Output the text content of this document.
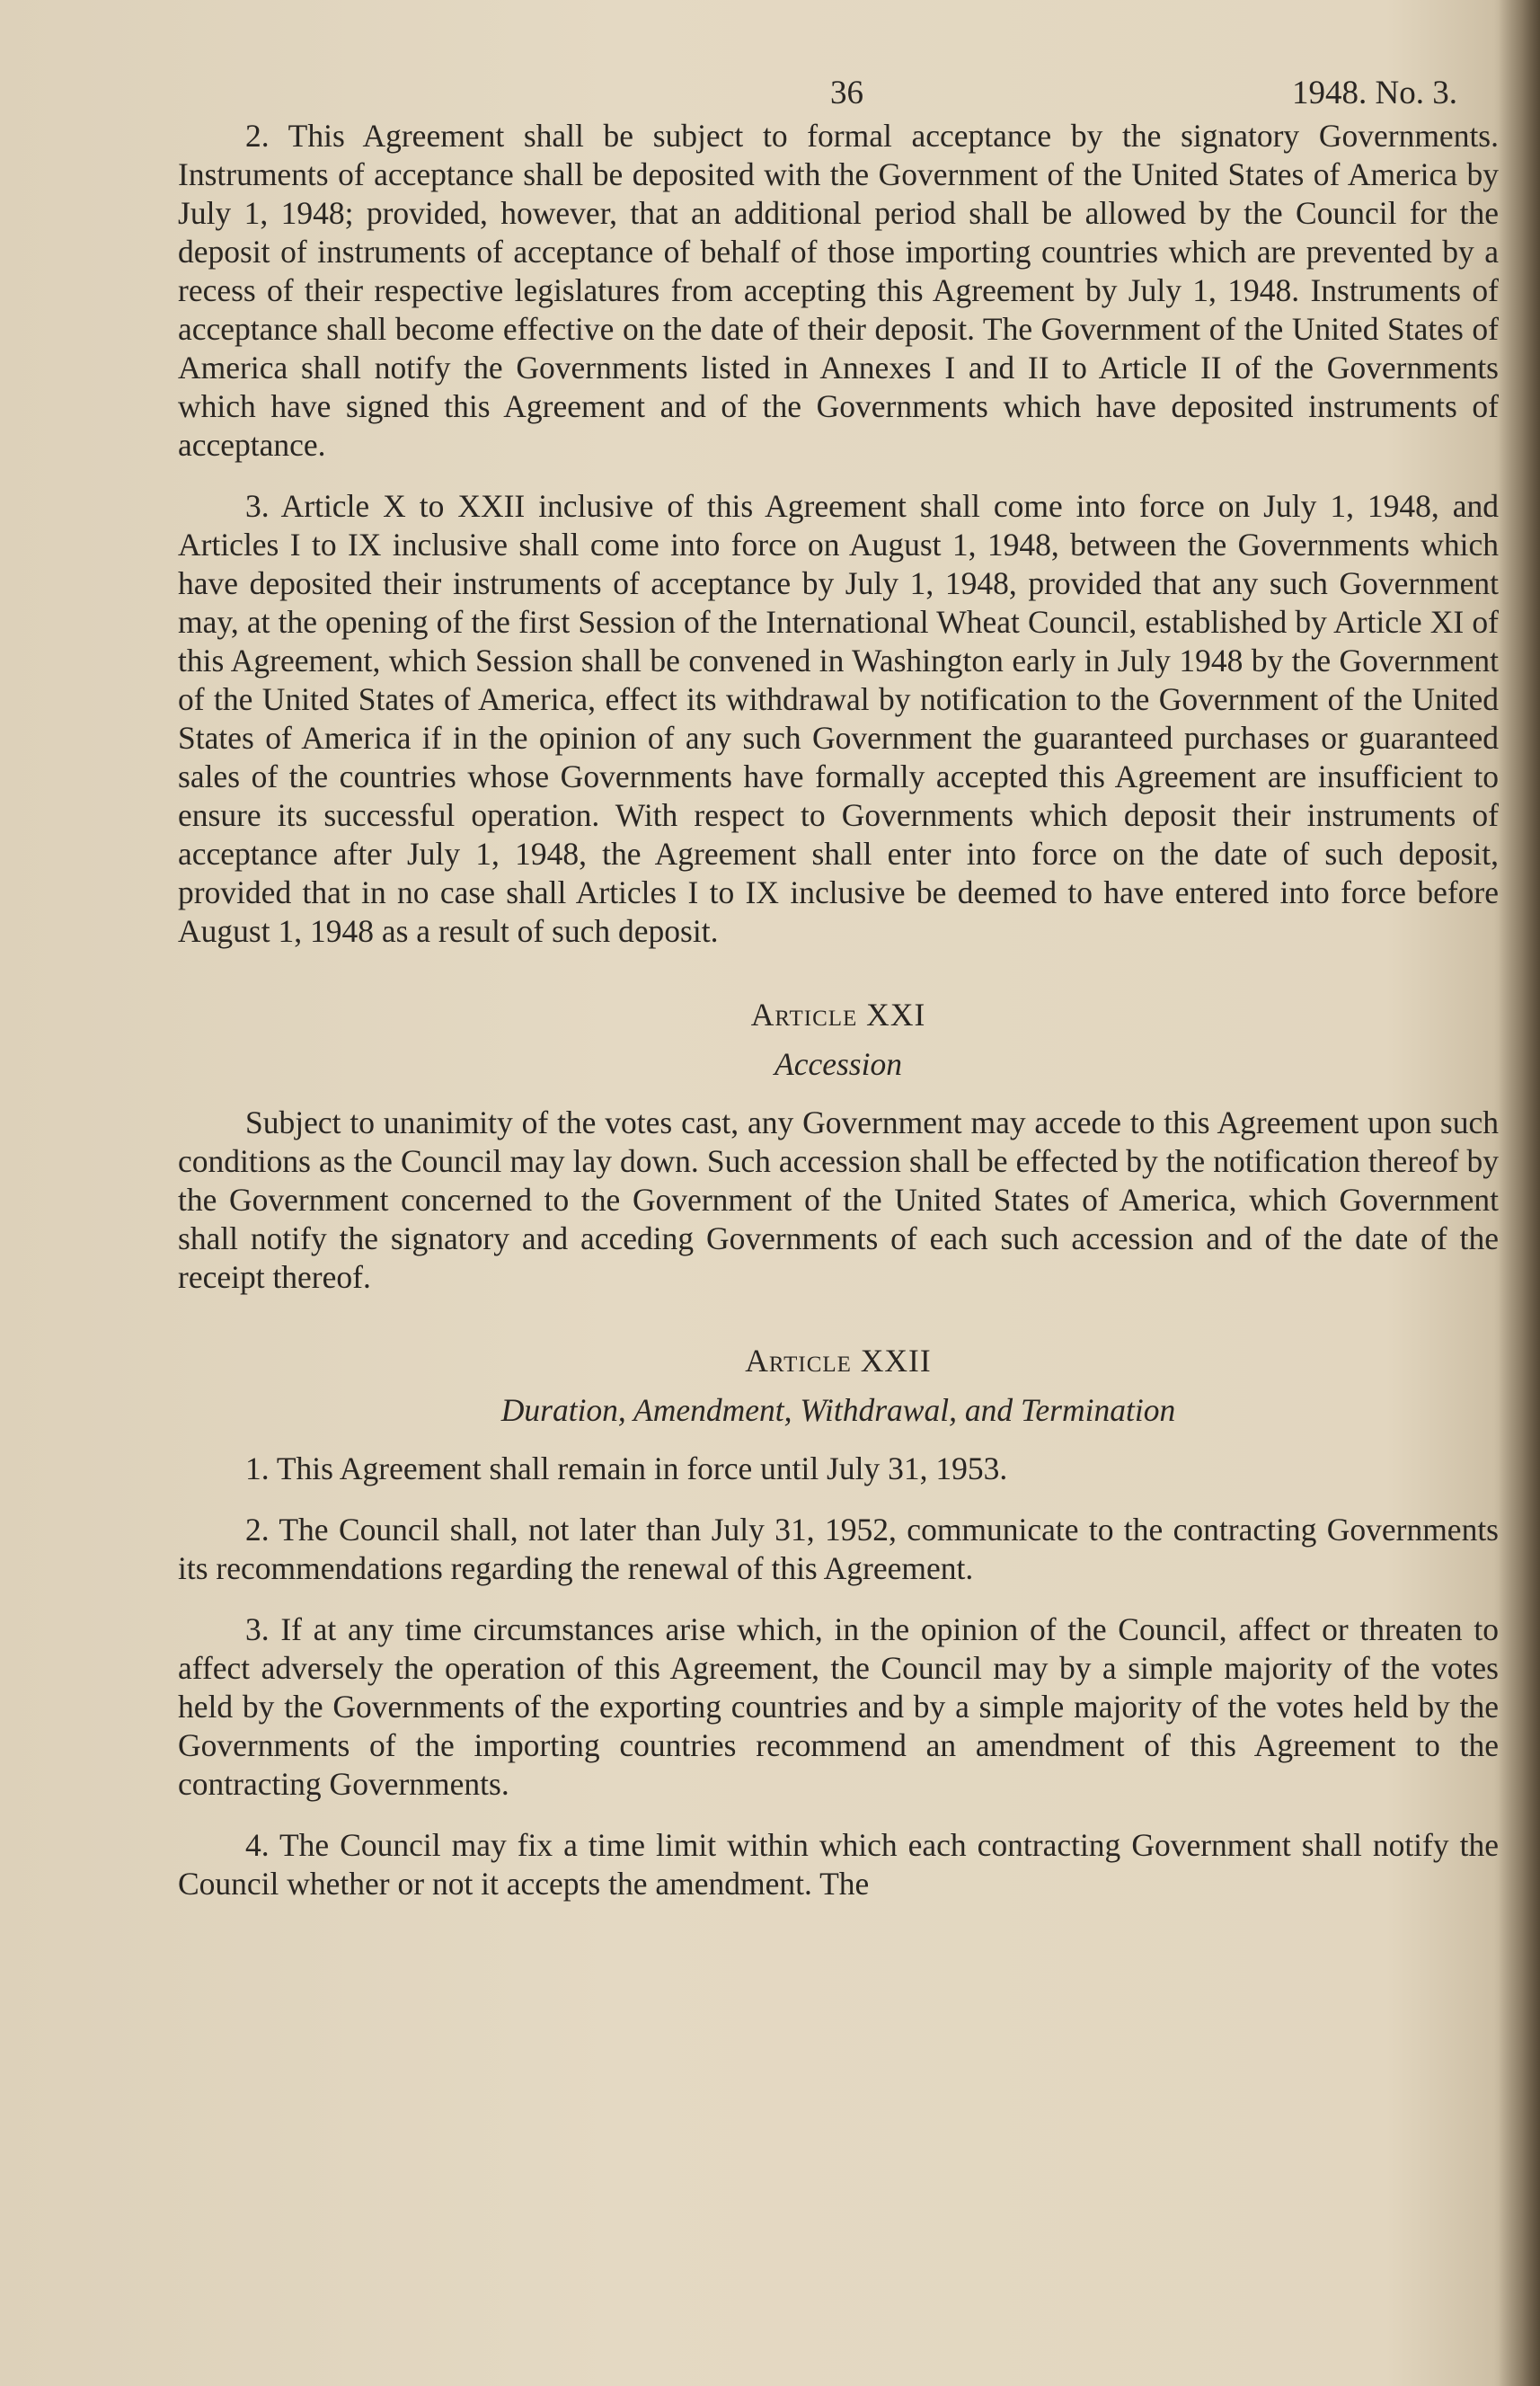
36	1948. No. 3.

2. This Agreement shall be subject to formal acceptance by the signatory Governments. Instruments of acceptance shall be deposited with the Government of the United States of America by July 1, 1948; provided, however, that an additional period shall be allowed by the Council for the deposit of instruments of acceptance of behalf of those importing countries which are prevented by a recess of their respective legislatures from accepting this Agreement by July 1, 1948. Instruments of acceptance shall become effective on the date of their deposit. The Government of the United States of America shall notify the Governments listed in Annexes I and II to Article II of the Governments which have signed this Agreement and of the Governments which have deposited instruments of acceptance.

3. Article X to XXII inclusive of this Agreement shall come into force on July 1, 1948, and Articles I to IX inclusive shall come into force on August 1, 1948, between the Governments which have deposited their instruments of acceptance by July 1, 1948, provided that any such Government may, at the opening of the first Session of the International Wheat Council, established by Article XI of this Agreement, which Session shall be convened in Washington early in July 1948 by the Government of the United States of America, effect its withdrawal by notification to the Government of the United States of America if in the opinion of any such Government the guaranteed purchases or guaranteed sales of the countries whose Governments have formally accepted this Agreement are insufficient to ensure its successful operation. With respect to Governments which deposit their instruments of acceptance after July 1, 1948, the Agreement shall enter into force on the date of such deposit, provided that in no case shall Articles I to IX inclusive be deemed to have entered into force before August 1, 1948 as a result of such deposit.

Article XXI
Accession

Subject to unanimity of the votes cast, any Government may accede to this Agreement upon such conditions as the Council may lay down. Such accession shall be effected by the notification thereof by the Government concerned to the Government of the United States of America, which Government shall notify the signatory and acceding Governments of each such accession and of the date of the receipt thereof.

Article XXII
Duration, Amendment, Withdrawal, and Termination

1. This Agreement shall remain in force until July 31, 1953.

2. The Council shall, not later than July 31, 1952, communicate to the contracting Governments its recommendations regarding the renewal of this Agreement.

3. If at any time circumstances arise which, in the opinion of the Council, affect or threaten to affect adversely the operation of this Agreement, the Council may by a simple majority of the votes held by the Governments of the exporting countries and by a simple majority of the votes held by the Governments of the importing countries recommend an amendment of this Agreement to the contracting Governments.

4. The Council may fix a time limit within which each contracting Government shall notify the Council whether or not it accepts the amendment. The
